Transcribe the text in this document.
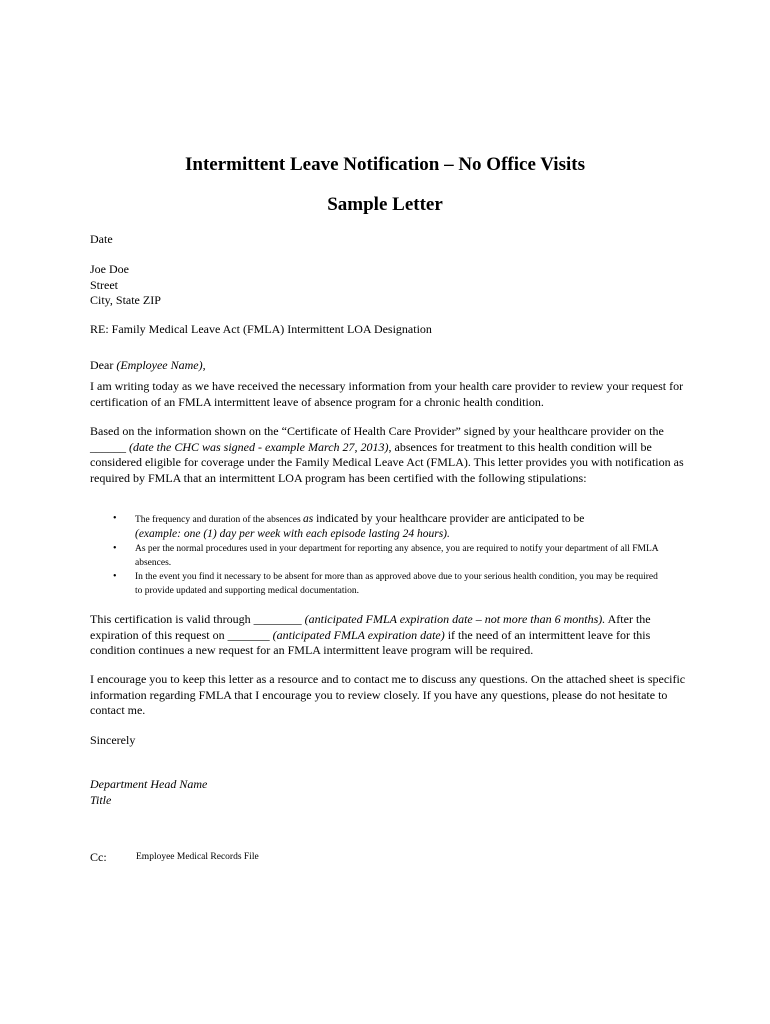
Intermittent Leave Notification – No Office Visits
Sample Letter
Date
Joe Doe
Street
City, State ZIP
RE: Family Medical Leave Act (FMLA) Intermittent LOA Designation
Dear (Employee Name),
I am writing today as we have received the necessary information from your health care provider to review your request for certification of an FMLA intermittent leave of absence program for a chronic health condition.
Based on the information shown on the “Certificate of Health Care Provider” signed by your healthcare provider on the ______ (date the CHC was signed - example March 27, 2013), absences for treatment to this health condition will be considered eligible for coverage under the Family Medical Leave Act (FMLA). This letter provides you with notification as required by FMLA that an intermittent LOA program has been certified with the following stipulations:
• The frequency and duration of the absences as indicated by your healthcare provider are anticipated to be
(example: one (1) day per week with each episode lasting 24 hours).
• As per the normal procedures used in your department for reporting any absence, you are required to notify your department of all FMLA absences.
• In the event you find it necessary to be absent for more than as approved above due to your serious health condition, you may be required to provide updated and supporting medical documentation.
This certification is valid through ________ (anticipated FMLA expiration date – not more than 6 months). After the expiration of this request on _______ (anticipated FMLA expiration date) if the need of an intermittent leave for this condition continues a new request for an FMLA intermittent leave program will be required.
I encourage you to keep this letter as a resource and to contact me to discuss any questions. On the attached sheet is specific information regarding FMLA that I encourage you to review closely. If you have any questions, please do not hesitate to contact me.
Sincerely
Department Head Name
Title
Cc:	Employee Medical Records File
